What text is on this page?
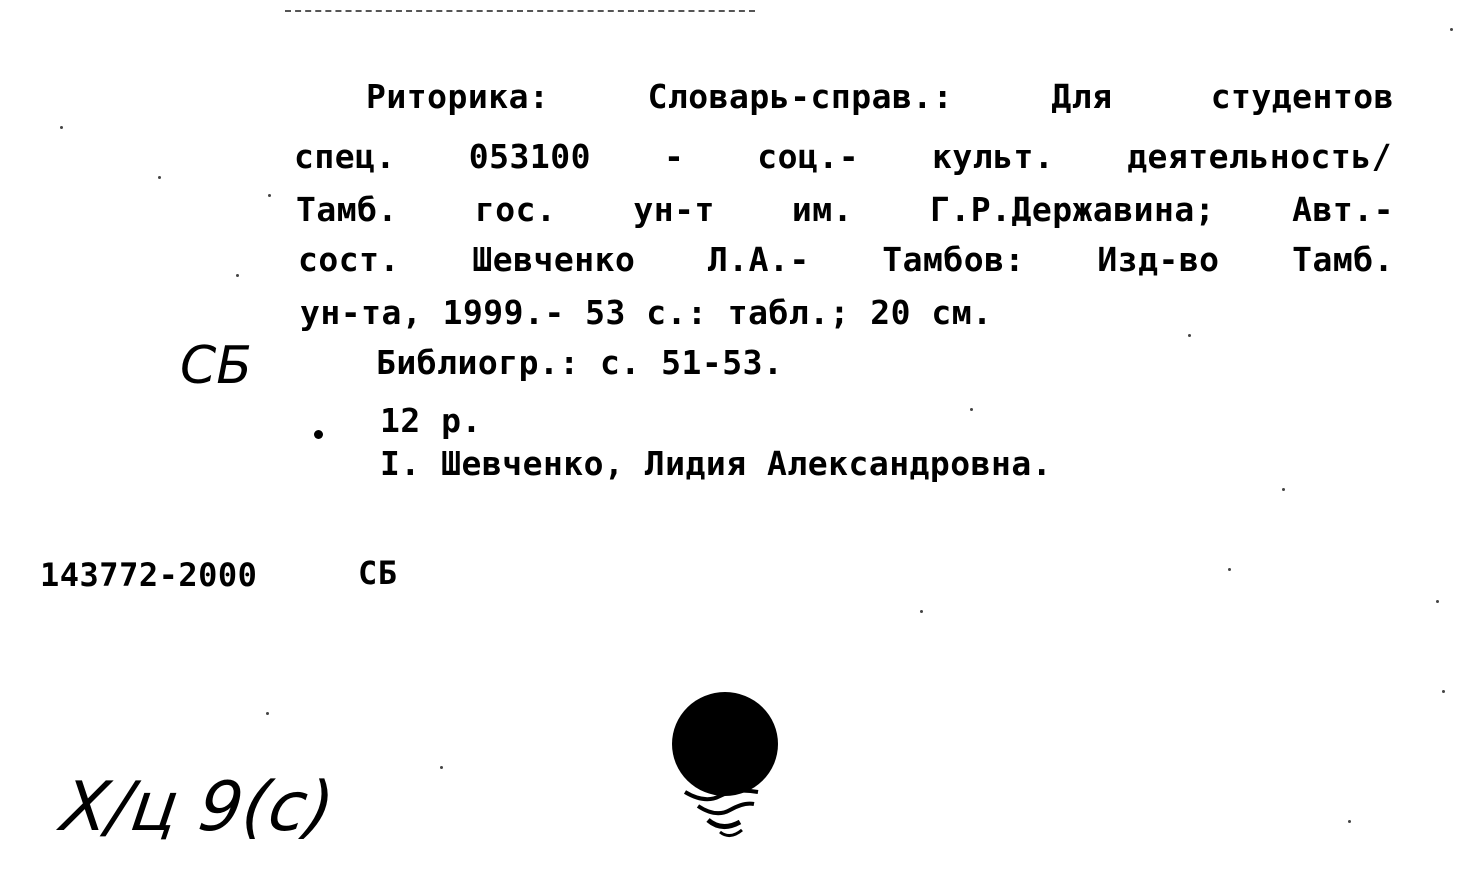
Риторика:	Словарь-справ.:	Для	студентов
спец. 053100 - соц.- культ. деятельность/
Тамб. гос. ун-т им. Г.Р.Державина; Авт.-
сост. Шевченко Л.А.- Тамбов: Изд-во Тамб.
ун-та, 1999.- 53 с.: табл.; 20 см.
Библиогр.: с. 51-53.
12 р.
I. Шевченко, Лидия Александровна.
143772-2000	СБ
СБ
Х/ц 9(с)
